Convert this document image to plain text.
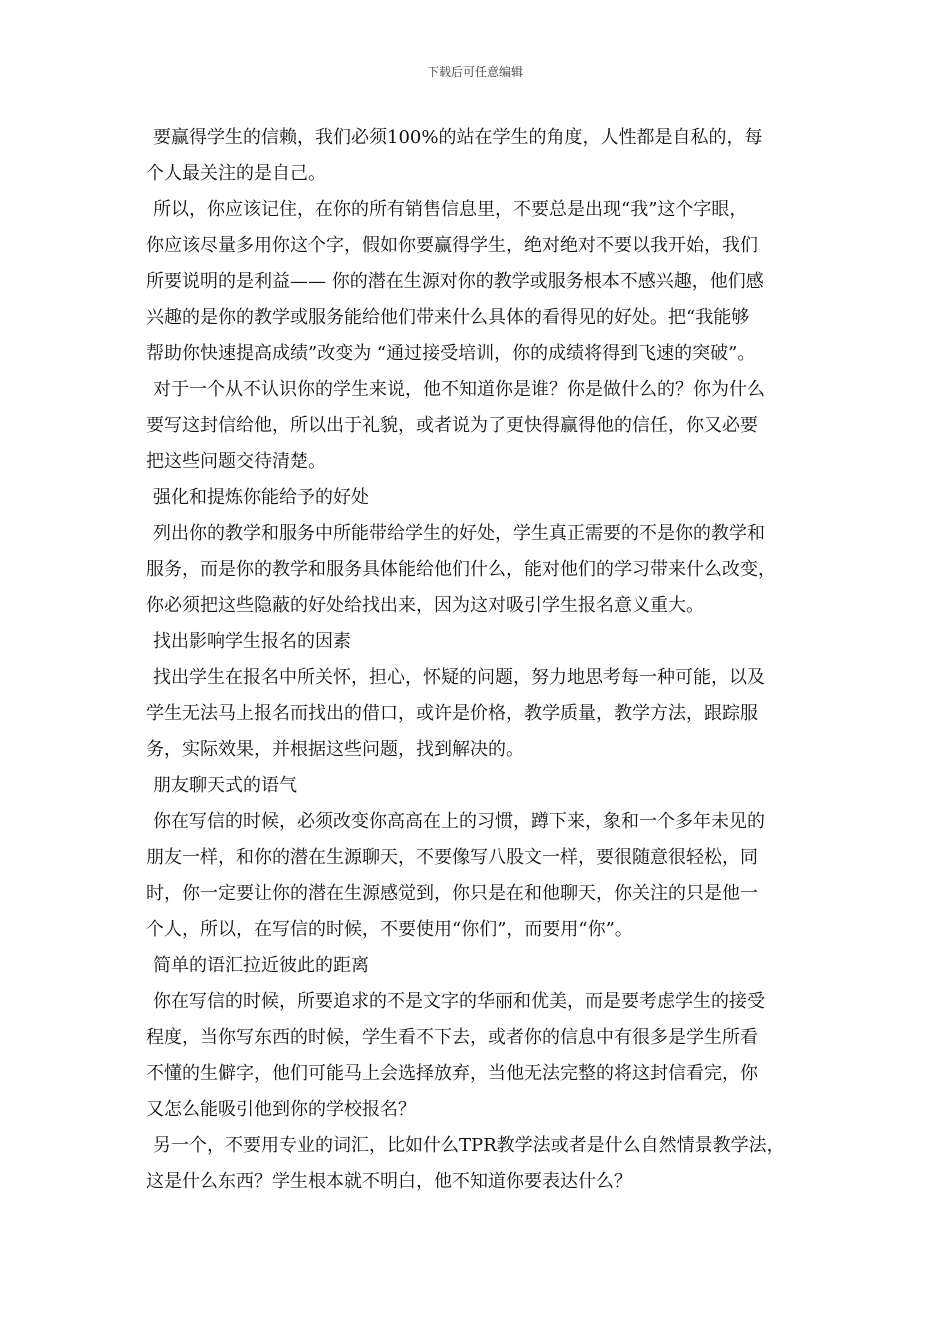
下载后可任意编辑
要赢得学生的信赖，我们必须100%的站在学生的角度，人性都是自私的，每
个人最关注的是自己。
所以，你应该记住，在你的所有销售信息里，不要总是出现“我”这个字眼，
你应该尽量多用你这个字，假如你要赢得学生，绝对绝对不要以我开始，我们
所要说明的是利益—— 你的潜在生源对你的教学或服务根本不感兴趣，他们感
兴趣的是你的教学或服务能给他们带来什么具体的看得见的好处。把“我能够
帮助你快速提高成绩”改变为 “通过接受培训，你的成绩将得到飞速的突破”。
对于一个从不认识你的学生来说，他不知道你是谁？你是做什么的？你为什么
要写这封信给他，所以出于礼貌，或者说为了更快得赢得他的信任，你又必要
把这些问题交待清楚。
强化和提炼你能给予的好处
列出你的教学和服务中所能带给学生的好处，学生真正需要的不是你的教学和
服务，而是你的教学和服务具体能给他们什么，能对他们的学习带来什么改变，
你必须把这些隐蔽的好处给找出来，因为这对吸引学生报名意义重大。
找出影响学生报名的因素
找出学生在报名中所关怀，担心，怀疑的问题，努力地思考每一种可能，以及
学生无法马上报名而找出的借口，或许是价格，教学质量，教学方法，跟踪服
务，实际效果，并根据这些问题，找到解决的。
朋友聊天式的语气
你在写信的时候，必须改变你高高在上的习惯，蹲下来，象和一个多年未见的
朋友一样，和你的潜在生源聊天，不要像写八股文一样，要很随意很轻松，同
时，你一定要让你的潜在生源感觉到，你只是在和他聊天，你关注的只是他一
个人，所以，在写信的时候，不要使用“你们”，而要用“你”。
简单的语汇拉近彼此的距离
你在写信的时候，所要追求的不是文字的华丽和优美，而是要考虑学生的接受
程度，当你写东西的时候，学生看不下去，或者你的信息中有很多是学生所看
不懂的生僻字，他们可能马上会选择放弃，当他无法完整的将这封信看完，你
又怎么能吸引他到你的学校报名？
另一个，不要用专业的词汇，比如什么TPR教学法或者是什么自然情景教学法，
这是什么东西？学生根本就不明白，他不知道你要表达什么？
